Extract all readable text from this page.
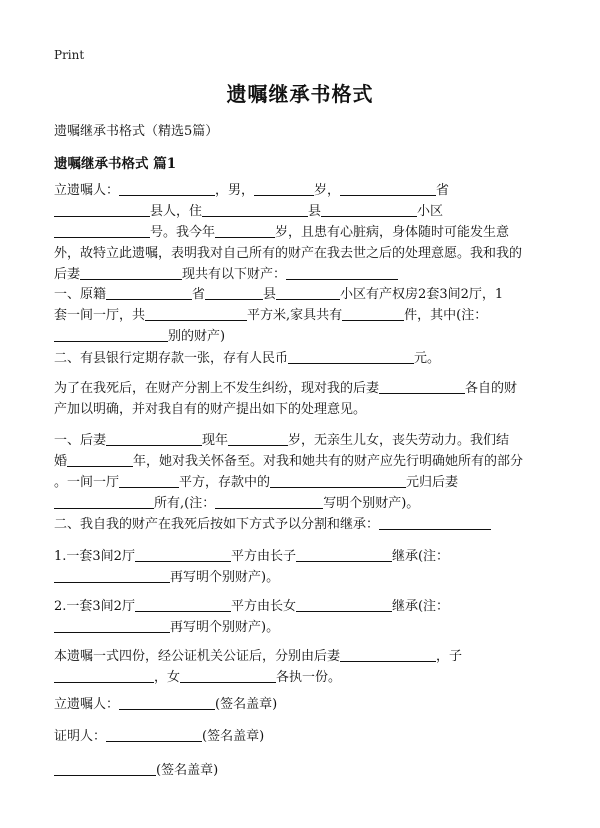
Print
遗嘱继承书格式
遗嘱继承书格式（精选5篇）
遗嘱继承书格式 篇1
立遗嘱人：	，男，	岁，	省
县人，住	县	小区
号。我今年	岁，且患有心脏病，身体随时可能发生意
外，故特立此遗嘱，表明我对自己所有的财产在我去世之后的处理意愿。我和我的
后妻	现共有以下财产：
一、原籍	省	县	小区有产权房2套3间2厅，1
套一间一厅，共	平方米,家具共有	件，其中(注：
别的财产)
二、有县银行定期存款一张，存有人民币	元。
为了在我死后，在财产分割上不发生纠纷，现对我的后妻	各自的财
产加以明确，并对我自有的财产提出如下的处理意见。
一、后妻	现年	岁，无亲生儿女，丧失劳动力。我们结
婚	年，她对我关怀备至。对我和她共有的财产应先行明确她所有的部分
。一间一厅	平方，存款中的	元归后妻
所有,(注：	写明个别财产)。
二、我自我的财产在我死后按如下方式予以分割和继承：
1.一套3间2厅	平方由长子	继承(注：
再写明个别财产)。
2.一套3间2厅	平方由长女	继承(注：
再写明个别财产)。
本遗嘱一式四份，经公证机关公证后，分别由后妻	，子
，女	各执一份。
立遗嘱人：	(签名盖章)
证明人：	(签名盖章)
(签名盖章)
